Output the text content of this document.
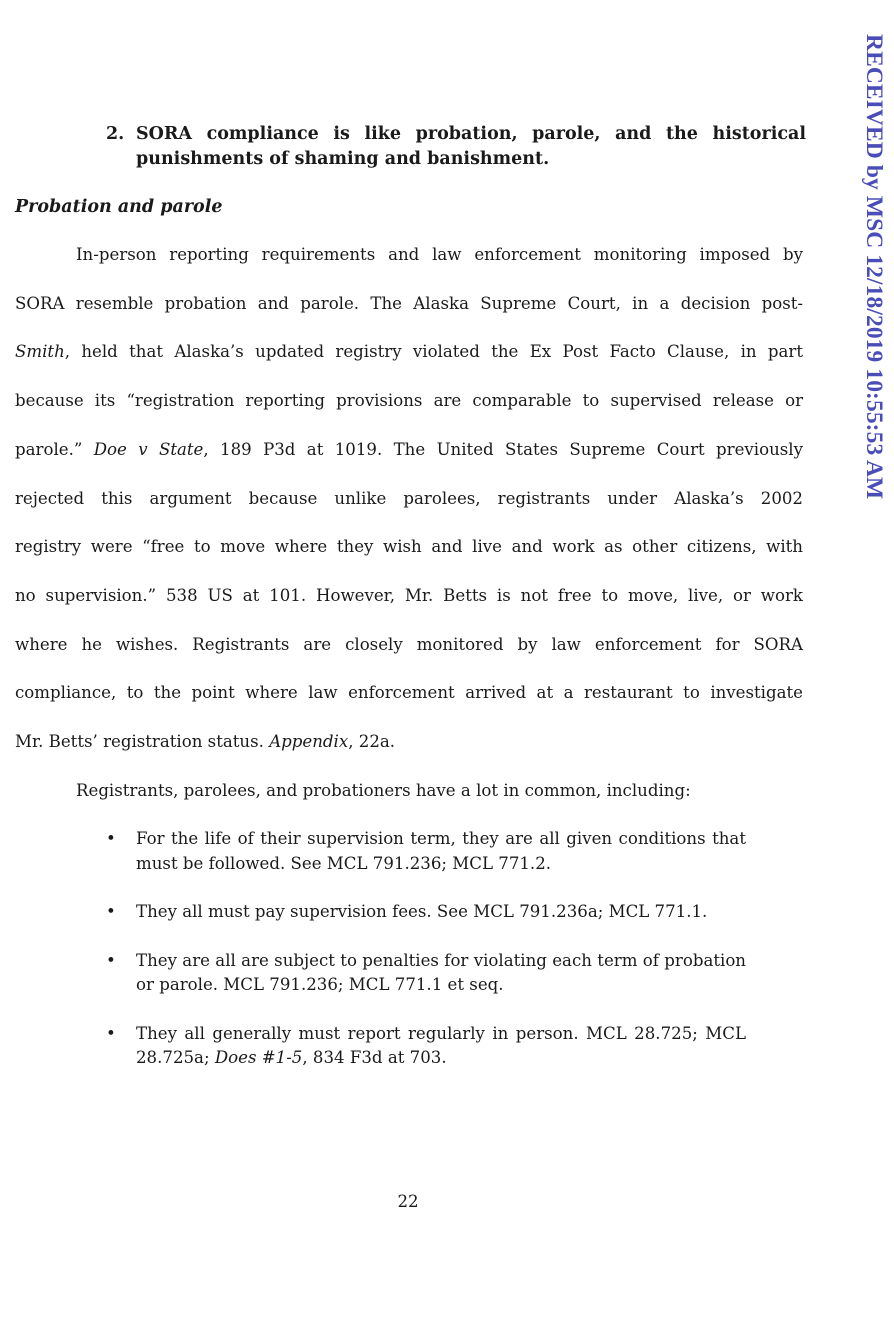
RECEIVED by MSC 12/18/2019 10:55:53 AM
2. SORA compliance is like probation, parole, and the historical punishments of shaming and banishment.
Probation and parole
In-person reporting requirements and law enforcement monitoring imposed by
SORA resemble probation and parole. The Alaska Supreme Court, in a decision post-
Smith, held that Alaska’s updated registry violated the Ex Post Facto Clause, in part
because its “registration reporting provisions are comparable to supervised release or
parole.” Doe v State, 189 P3d at 1019. The United States Supreme Court previously
rejected this argument because unlike parolees, registrants under Alaska’s 2002
registry were “free to move where they wish and live and work as other citizens, with
no supervision.” 538 US at 101. However, Mr. Betts is not free to move, live, or work
where he wishes. Registrants are closely monitored by law enforcement for SORA
compliance, to the point where law enforcement arrived at a restaurant to investigate
Mr. Betts’ registration status. Appendix, 22a.
Registrants, parolees, and probationers have a lot in common, including:
• For the life of their supervision term, they are all given conditions that must be followed. See MCL 791.236; MCL 771.2.
• They all must pay supervision fees. See MCL 791.236a; MCL 771.1.
• They are all are subject to penalties for violating each term of probation or parole. MCL 791.236; MCL 771.1 et seq.
• They all generally must report regularly in person. MCL 28.725; MCL 28.725a; Does #1-5, 834 F3d at 703.
22
